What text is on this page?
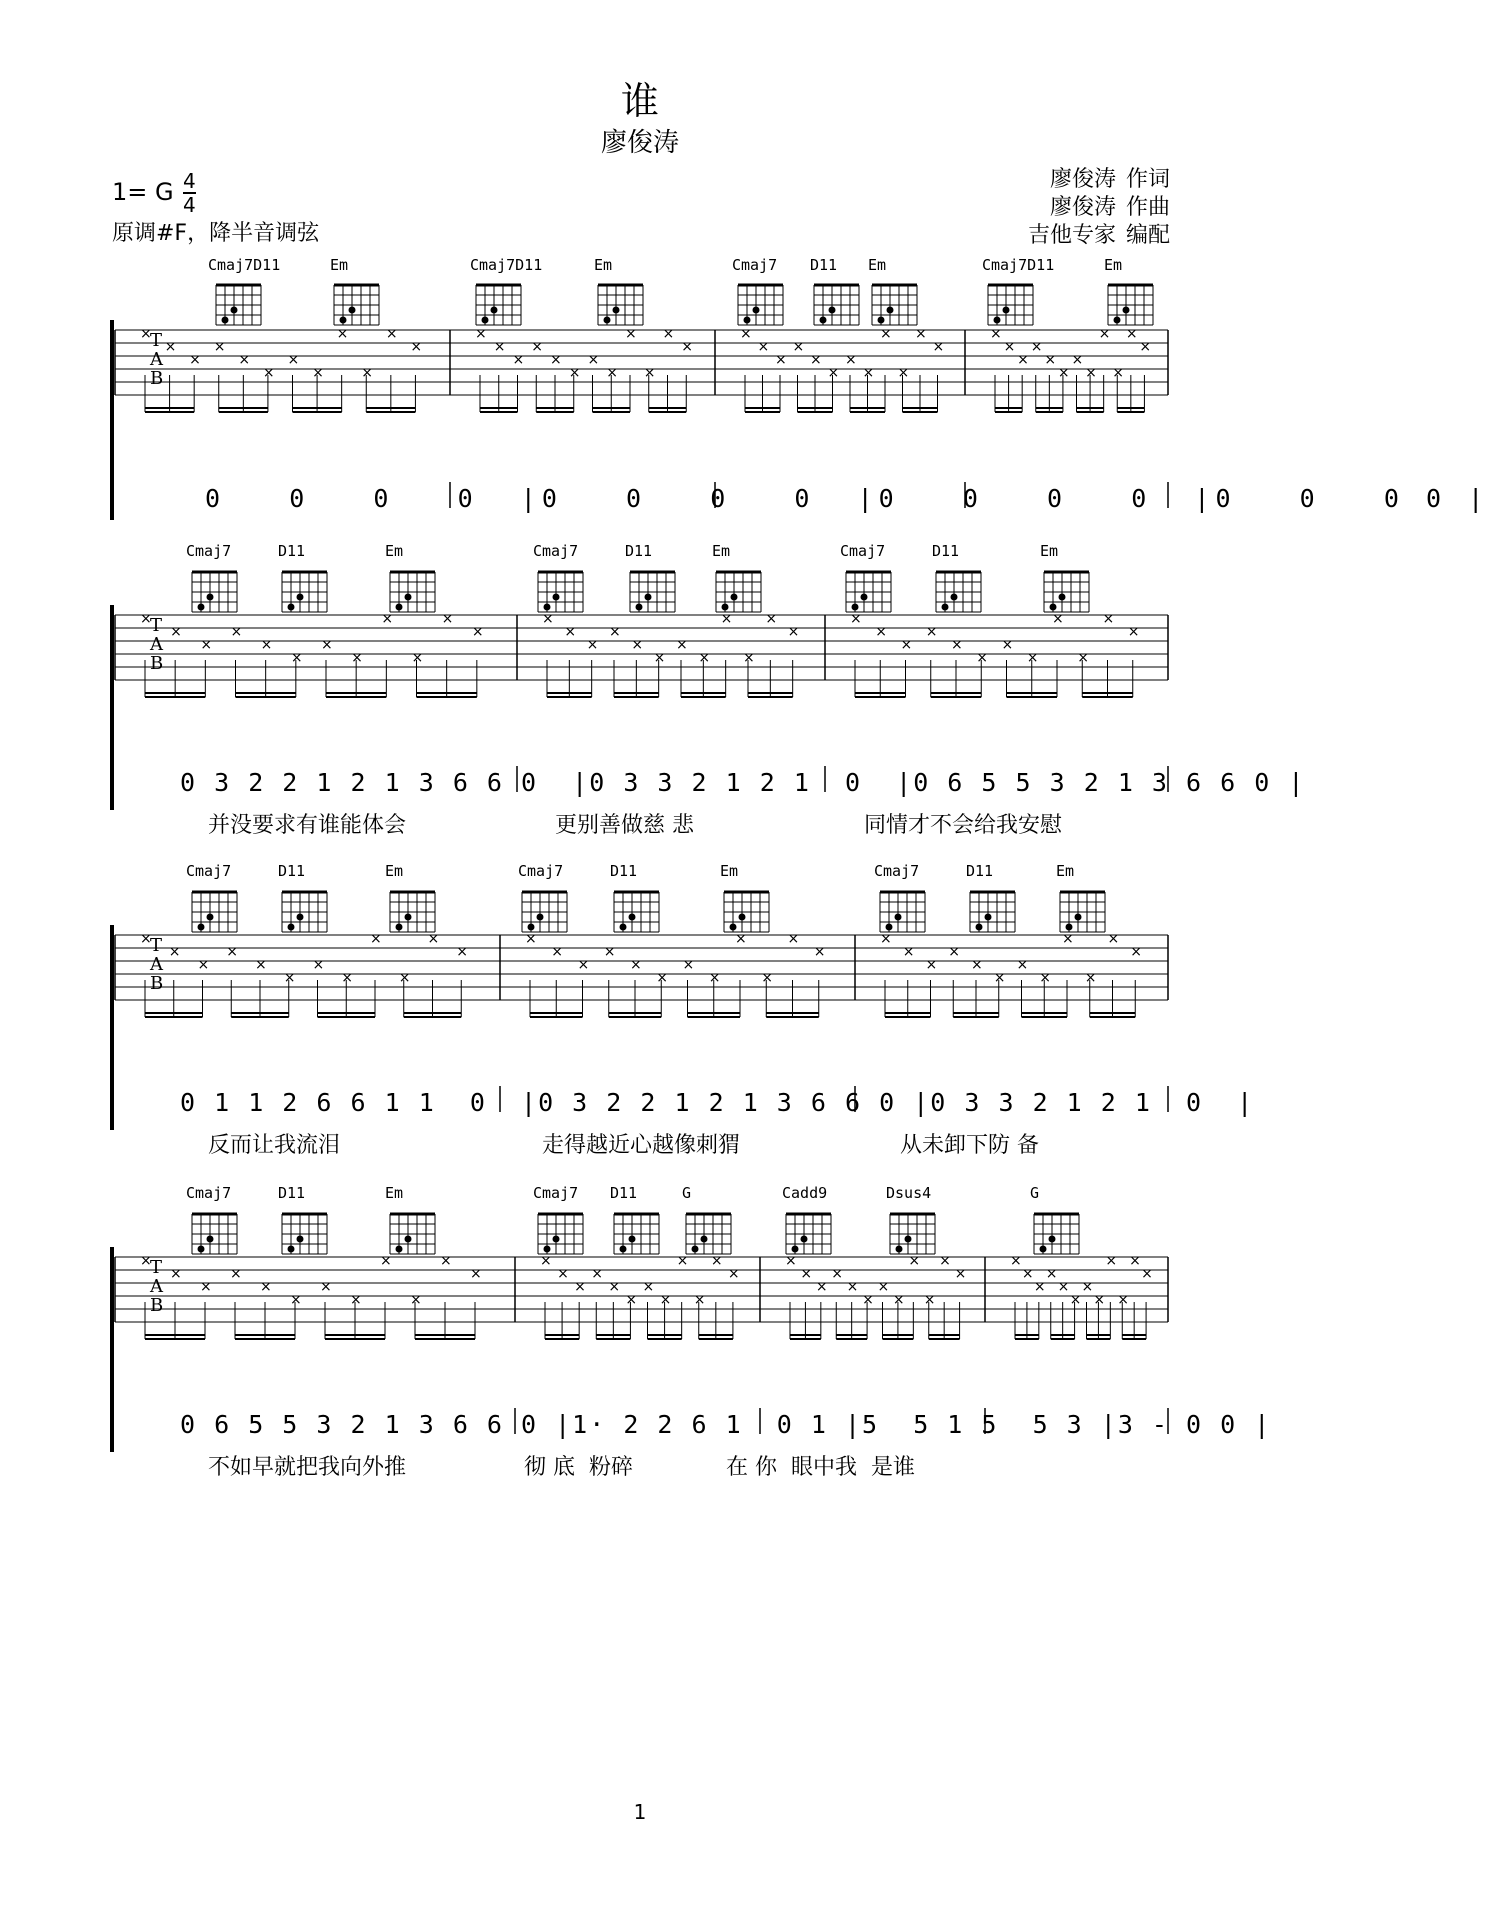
谁
廖俊涛
1= G $\frac{4}{4}$
原调#F，降半音调弦
廖俊涛 作词
廖俊涛 作曲
吉他专家 编配
Cmaj7D11	Em	Cmaj7D11	Em	Cmaj7 D11 Em	Cmaj7D11	Em
0   0   0   0  |0   0   0   0  |0   0   0   0  |0   0   0 0 |
Cmaj7	D11	Em	Cmaj7	D11	Em	Cmaj7	D11	Em
0 3 2 2 1 2 1 3 6 6 0  |0 3 3 2 1 2 1  0  |0 6 5 5 3 2 1 3 6 6 0 |
并没要求有谁能体会	更别善做慈 悲	同情才不会给我安慰
Cmaj7	D11	Em	Cmaj7	D11	Em	Cmaj7	D11	Em
0 1 1 2 6 6 1 1  0  |0 3 2 2 1 2 1 3 6 6 0 |0 3 3 2 1 2 1  0  |
反而让我流泪	走得越近心越像刺猬	从未卸下防 备
Cmaj7	D11	Em	Cmaj7 D11	G	Cadd9	Dsus4	G
0 6 5 5 3 2 1 3 6 6 0 |1· 2 2 6 1  0 1 |5  5 1 5  5 3 |3 - 0 0 |
不如早就把我向外推	彻 底  粉碎	在 你  眼中我  是谁
1
T
A
B
×
×
×
×
×
×
×
×
×
×
×
×
×
×
×
×
×
×
×
×
×
×
×
×
×
×
×
×
×
×
×
×
×
×
×
×
×
×
×
×
×
×
×
×
×
×
×
×
T
A
B
×
×
×
×
×
×
×
×
×
×
×
×
×
×
×
×
×
×
×
×
×
×
×
×
×
×
×
×
×
×
×
×
×
×
×
×
T
A
B
×
×
×
×
×
×
×
×
×
×
×
×
×
×
×
×
×
×
×
×
×
×
×
×
×
×
×
×
×
×
×
×
×
×
×
×
T
A
B
×
×
×
×
×
×
×
×
×
×
×
×
×
×
×
×
×
×
×
×
×
×
×
×
×
×
×
×
×
×
×
×
×
×
×
×
×
×
×
×
×
×
×
×
×
×
×
×
